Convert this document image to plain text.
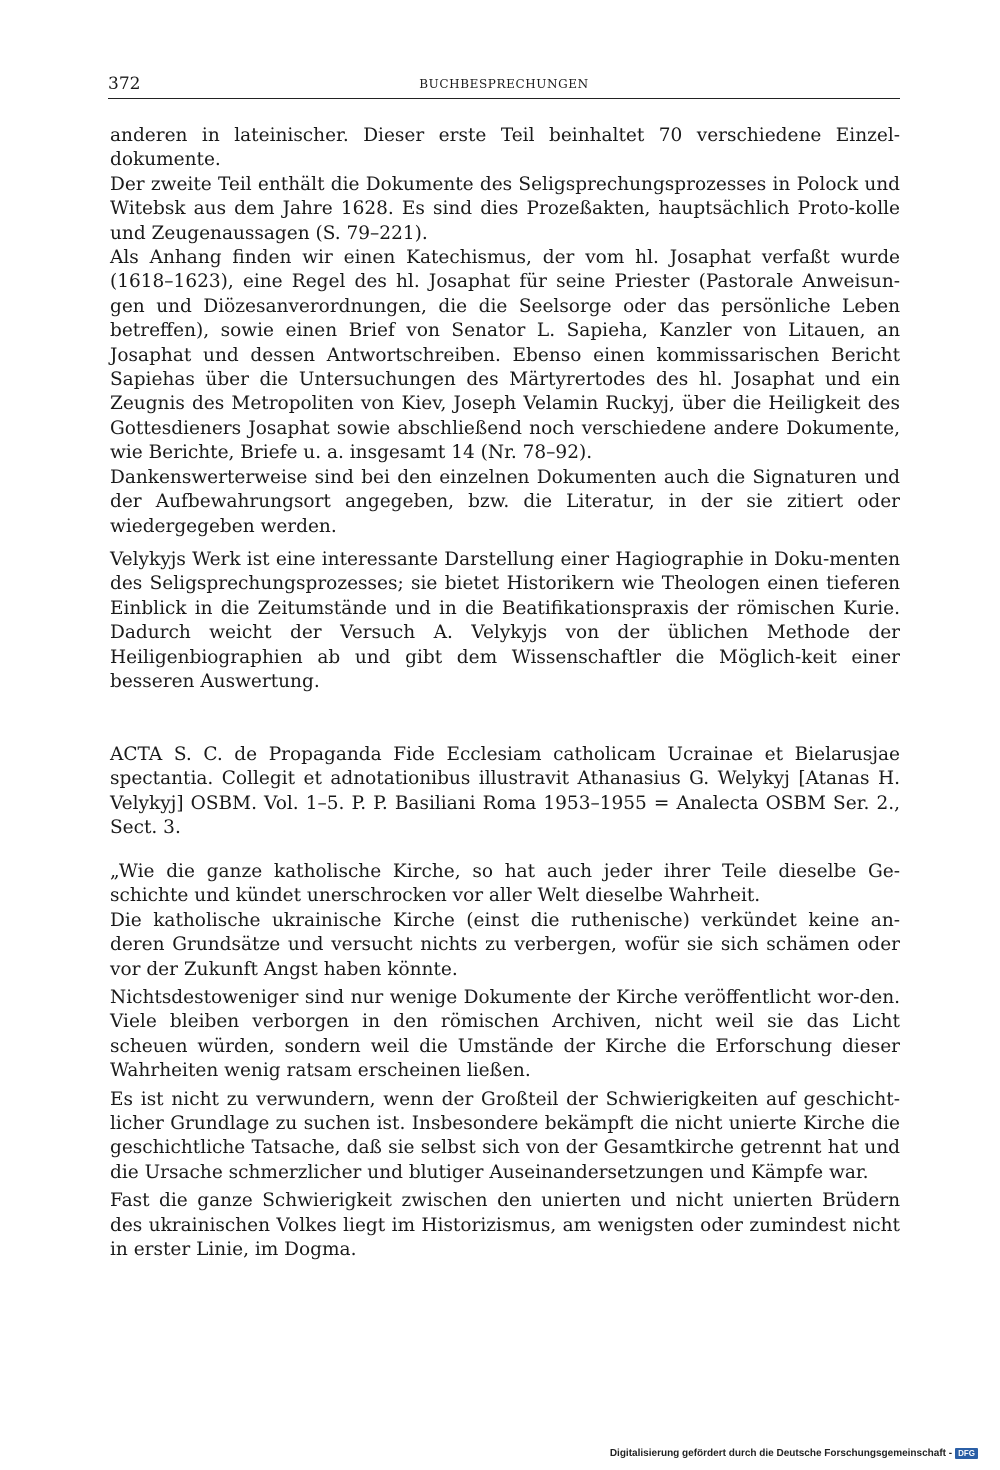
372	BUCHBESPRECHUNGEN

anderen in lateinischer. Dieser erste Teil beinhaltet 70 verschiedene Einzel-dokumente.

Der zweite Teil enthält die Dokumente des Seligsprechungsprozesses in Polock und Witebsk aus dem Jahre 1628. Es sind dies Prozeßakten, hauptsächlich Proto-kolle und Zeugenaussagen (S. 79–221).

Als Anhang finden wir einen Katechismus, der vom hl. Josaphat verfaßt wurde (1618–1623), eine Regel des hl. Josaphat für seine Priester (Pastorale Anweisun-gen und Diözesanverordnungen, die die Seelsorge oder das persönliche Leben betreffen), sowie einen Brief von Senator L. Sapieha, Kanzler von Litauen, an Josaphat und dessen Antwortschreiben. Ebenso einen kommissarischen Bericht Sapiehas über die Untersuchungen des Märtyrertodes des hl. Josaphat und ein Zeugnis des Metropoliten von Kiev, Joseph Velamin Ruckyj, über die Heiligkeit des Gottesdieners Josaphat sowie abschließend noch verschiedene andere Dokumente, wie Berichte, Briefe u. a. insgesamt 14 (Nr. 78–92).

Dankenswerterweise sind bei den einzelnen Dokumenten auch die Signaturen und der Aufbewahrungsort angegeben, bzw. die Literatur, in der sie zitiert oder wiedergegeben werden.

Velykyjs Werk ist eine interessante Darstellung einer Hagiographie in Doku-menten des Seligsprechungsprozesses; sie bietet Historikern wie Theologen einen tieferen Einblick in die Zeitumstände und in die Beatifikationspraxis der römischen Kurie. Dadurch weicht der Versuch A. Velykyjs von der üblichen Methode der Heiligenbiographien ab und gibt dem Wissenschaftler die Möglich-keit einer besseren Auswertung.

ACTA S. C. de Propaganda Fide Ecclesiam catholicam Ucrainae et Bielarusjae spectantia. Collegit et adnotationibus illustravit Athanasius G. Welykyj [Atanas H. Velykyj] OSBM. Vol. 1–5. P. P. Basiliani Roma 1953–1955 = Analecta OSBM Ser. 2., Sect. 3.

„Wie die ganze katholische Kirche, so hat auch jeder ihrer Teile dieselbe Ge-schichte und kündet unerschrocken vor aller Welt dieselbe Wahrheit.

Die katholische ukrainische Kirche (einst die ruthenische) verkündet keine an-deren Grundsätze und versucht nichts zu verbergen, wofür sie sich schämen oder vor der Zukunft Angst haben könnte.

Nichtsdestoweniger sind nur wenige Dokumente der Kirche veröffentlicht wor-den. Viele bleiben verborgen in den römischen Archiven, nicht weil sie das Licht scheuen würden, sondern weil die Umstände der Kirche die Erforschung dieser Wahrheiten wenig ratsam erscheinen ließen.

Es ist nicht zu verwundern, wenn der Großteil der Schwierigkeiten auf geschicht-licher Grundlage zu suchen ist. Insbesondere bekämpft die nicht unierte Kirche die geschichtliche Tatsache, daß sie selbst sich von der Gesamtkirche getrennt hat und die Ursache schmerzlicher und blutiger Auseinandersetzungen und Kämpfe war.

Fast die ganze Schwierigkeit zwischen den unierten und nicht unierten Brüdern des ukrainischen Volkes liegt im Historizismus, am wenigsten oder zumindest nicht in erster Linie, im Dogma.

Digitalisierung gefördert durch die Deutsche Forschungsgemeinschaft - DFG
